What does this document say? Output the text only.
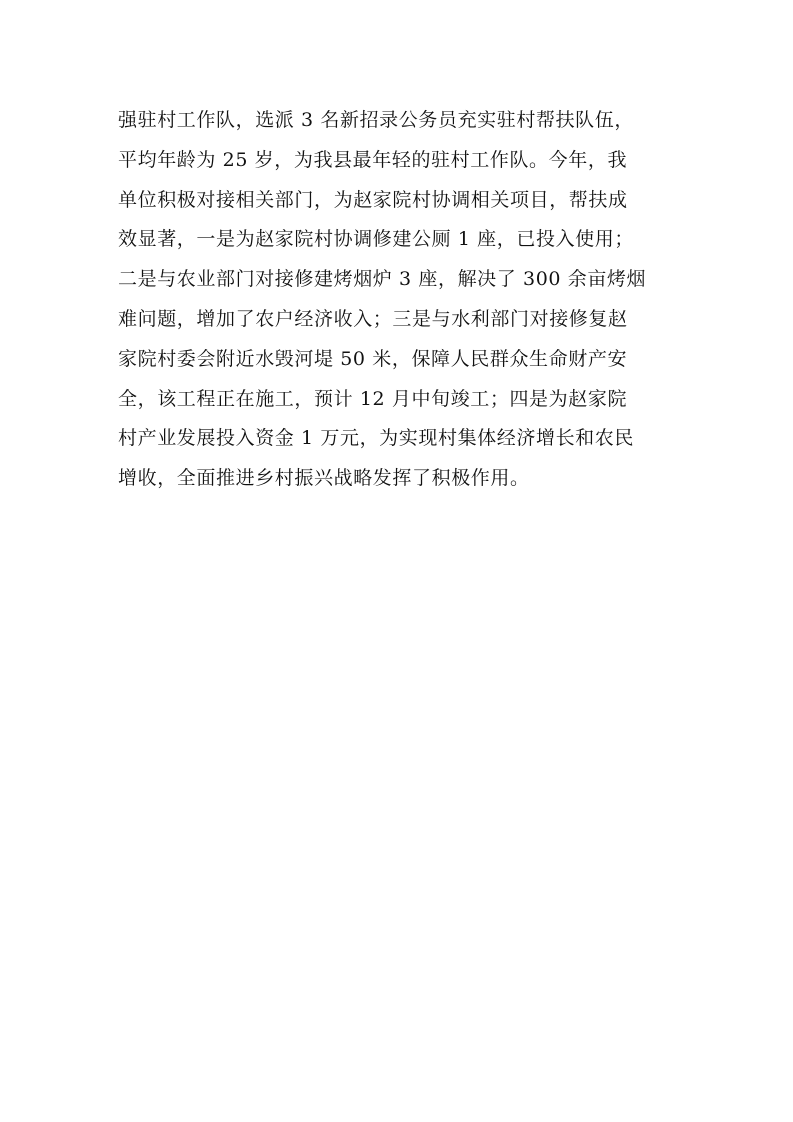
强驻村工作队，选派 3 名新招录公务员充实驻村帮扶队伍，
平均年龄为 25 岁，为我县最年轻的驻村工作队。今年，我
单位积极对接相关部门，为赵家院村协调相关项目，帮扶成
效显著，一是为赵家院村协调修建公厕 1 座，已投入使用；
二是与农业部门对接修建烤烟炉 3 座，解决了 300 余亩烤烟
难问题，增加了农户经济收入；三是与水利部门对接修复赵
家院村委会附近水毁河堤 50 米，保障人民群众生命财产安
全，该工程正在施工，预计 12 月中旬竣工；四是为赵家院
村产业发展投入资金 1 万元，为实现村集体经济增长和农民
增收，全面推进乡村振兴战略发挥了积极作用。
